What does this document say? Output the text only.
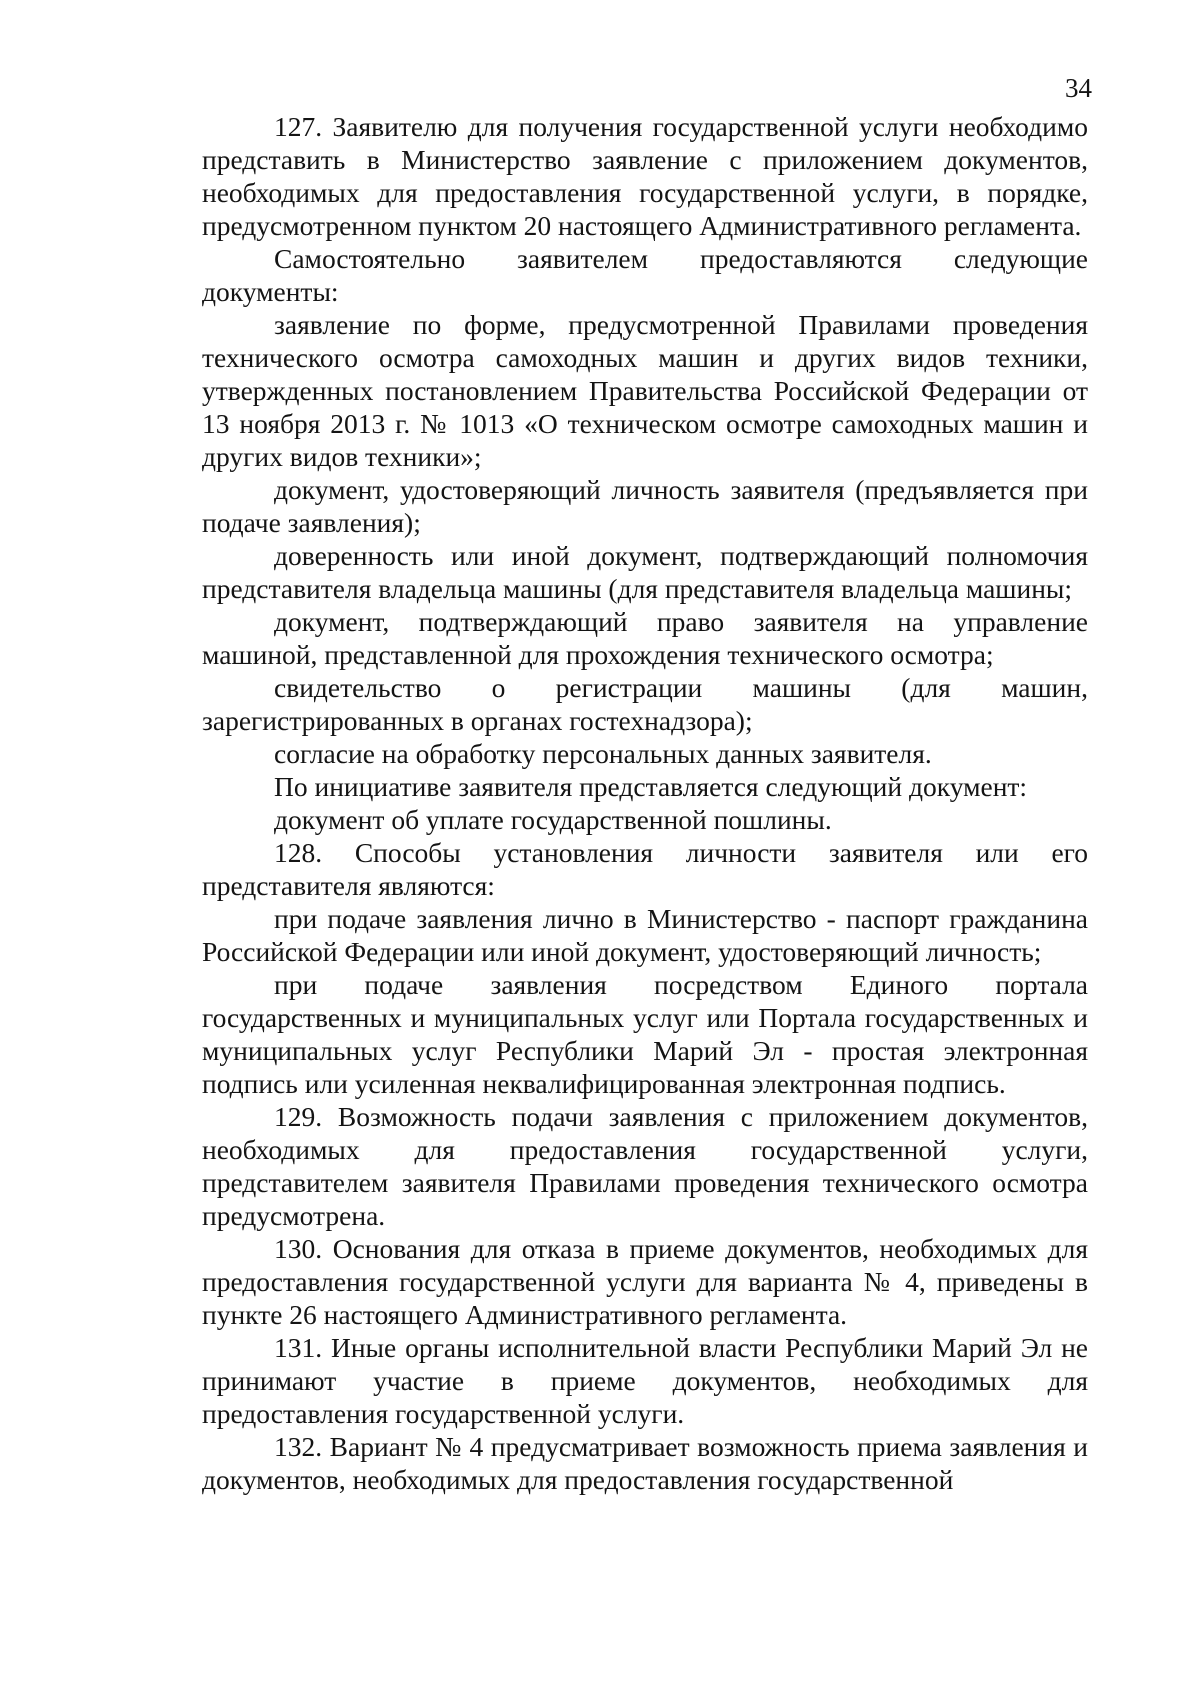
34

127. Заявителю для получения государственной услуги необходимо представить в Министерство заявление с приложением документов, необходимых для предоставления государственной услуги, в порядке, предусмотренном пунктом 20 настоящего Административного регламента.

Самостоятельно заявителем предоставляются следующие документы:

заявление по форме, предусмотренной Правилами проведения технического осмотра самоходных машин и других видов техники, утвержденных постановлением Правительства Российской Федерации от 13 ноября 2013 г. № 1013 «О техническом осмотре самоходных машин и других видов техники»;

документ, удостоверяющий личность заявителя (предъявляется при подаче заявления);

доверенность или иной документ, подтверждающий полномочия представителя владельца машины (для представителя владельца машины;

документ, подтверждающий право заявителя на управление машиной, представленной для прохождения технического осмотра;

свидетельство о регистрации машины (для машин, зарегистрированных в органах гостехнадзора);

согласие на обработку персональных данных заявителя.

По инициативе заявителя представляется следующий документ:

документ об уплате государственной пошлины.

128. Способы установления личности заявителя или его представителя являются:

при подаче заявления лично в Министерство - паспорт гражданина Российской Федерации или иной документ, удостоверяющий личность;

при подаче заявления посредством Единого портала государственных и муниципальных услуг или Портала государственных и муниципальных услуг Республики Марий Эл - простая электронная подпись или усиленная неквалифицированная электронная подпись.

129. Возможность подачи заявления с приложением документов, необходимых для предоставления государственной услуги, представителем заявителя Правилами проведения технического осмотра предусмотрена.

130. Основания для отказа в приеме документов, необходимых для предоставления государственной услуги для варианта № 4, приведены в пункте 26 настоящего Административного регламента.

131. Иные органы исполнительной власти Республики Марий Эл не принимают участие в приеме документов, необходимых для предоставления государственной услуги.

132. Вариант № 4 предусматривает возможность приема заявления и документов, необходимых для предоставления государственной
